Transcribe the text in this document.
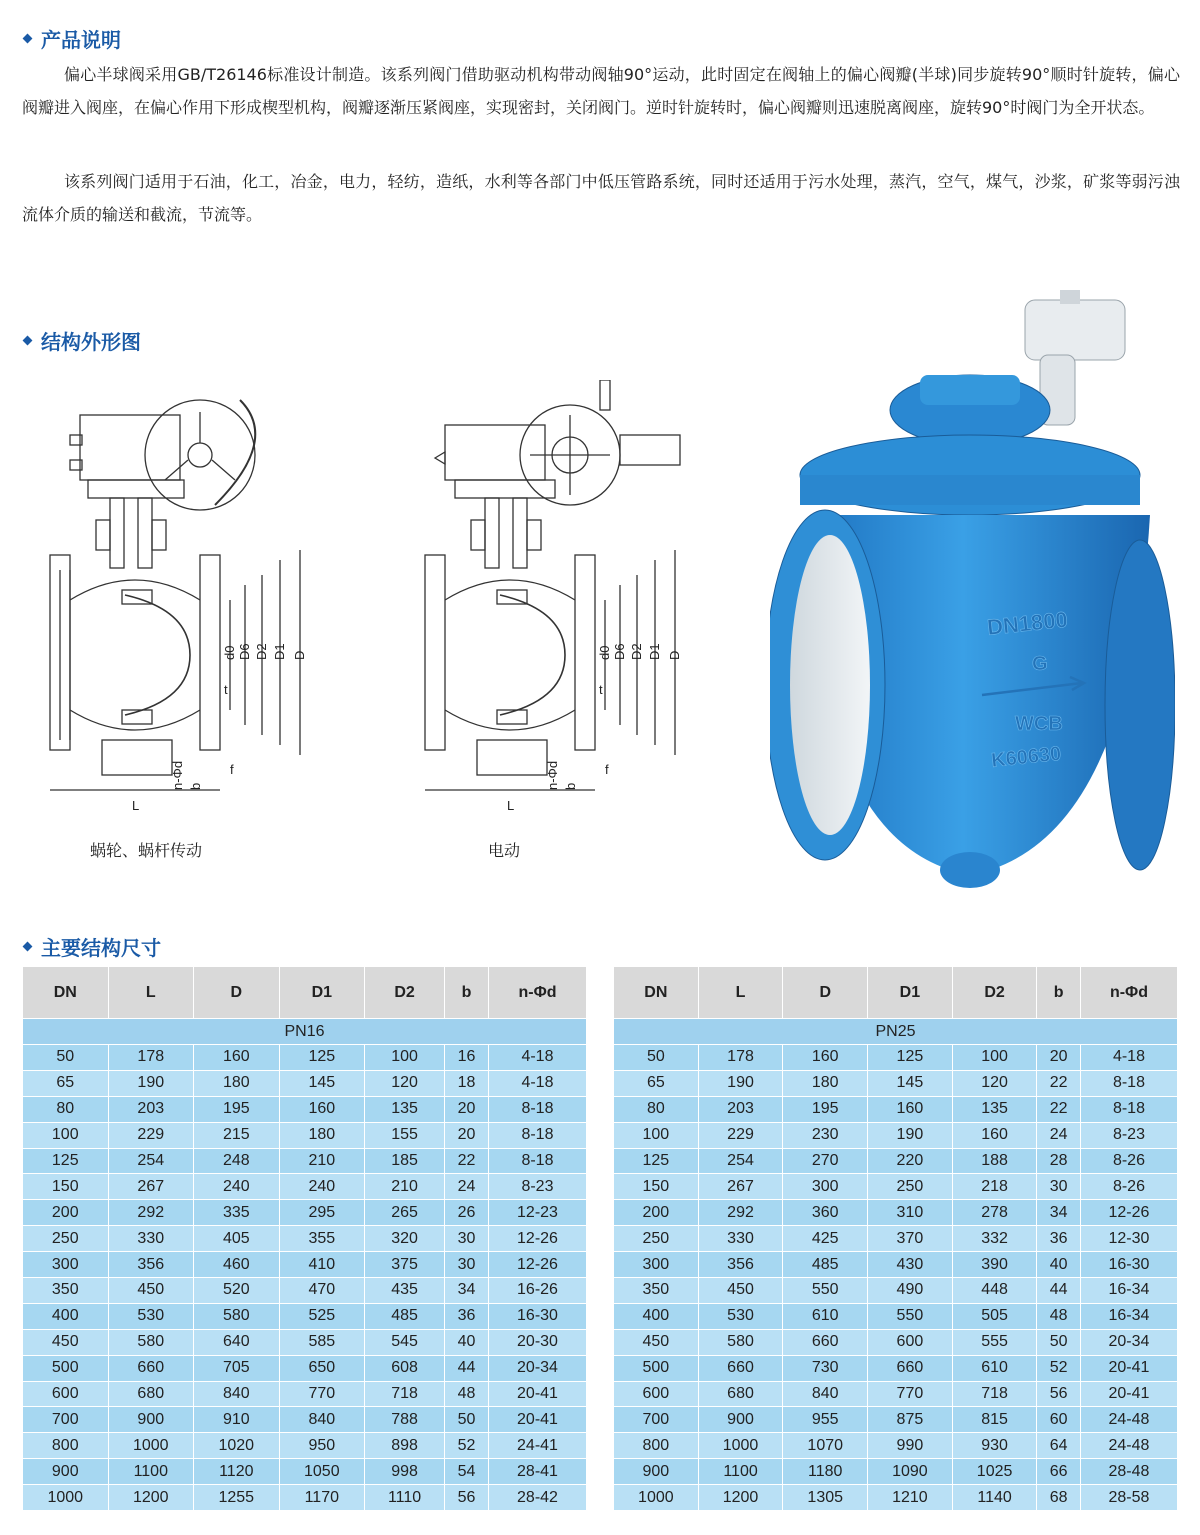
产品说明

偏心半球阀采用GB/T26146标准设计制造。该系列阀门借助驱动机构带动阀轴90°运动，此时固定在阀轴上的偏心阀瓣(半球)同步旋转90°顺时针旋转，偏心阀瓣进入阀座，在偏心作用下形成楔型机构，阀瓣逐渐压紧阀座，实现密封，关闭阀门。逆时针旋转时，偏心阀瓣则迅速脱离阀座，旋转90°时阀门为全开状态。

该系列阀门适用于石油，化工，冶金，电力，轻纺，造纸，水利等各部门中低压管路系统，同时还适用于污水处理，蒸汽，空气，煤气，沙浆，矿浆等弱污浊流体介质的输送和截流，节流等。

结构外形图
d0 D6 D2 D1 D
t
f
b
n-Φd
L
蜗轮、蜗杆传动
d0 D6 D2 D1 D
t
f
b
n-Φd
L
电动
DN1800
G
WCB
K60630
主要结构尺寸
DN	L	D	D1	D2	b	n-Φd
PN16						
50	178	160	125	100	16	4-18
65	190	180	145	120	18	4-18
80	203	195	160	135	20	8-18
100	229	215	180	155	20	8-18
125	254	248	210	185	22	8-18
150	267	240	240	210	24	8-23
200	292	335	295	265	26	12-23
250	330	405	355	320	30	12-26
300	356	460	410	375	30	12-26
350	450	520	470	435	34	16-26
400	530	580	525	485	36	16-30
450	580	640	585	545	40	20-30
500	660	705	650	608	44	20-34
600	680	840	770	718	48	20-41
700	900	910	840	788	50	20-41
800	1000	1020	950	898	52	24-41
900	1100	1120	1050	998	54	28-41
1000	1200	1255	1170	1110	56	28-42
DN	L	D	D1	D2	b	n-Φd
PN25						
50	178	160	125	100	20	4-18
65	190	180	145	120	22	8-18
80	203	195	160	135	22	8-18
100	229	230	190	160	24	8-23
125	254	270	220	188	28	8-26
150	267	300	250	218	30	8-26
200	292	360	310	278	34	12-26
250	330	425	370	332	36	12-30
300	356	485	430	390	40	16-30
350	450	550	490	448	44	16-34
400	530	610	550	505	48	16-34
450	580	660	600	555	50	20-34
500	660	730	660	610	52	20-41
600	680	840	770	718	56	20-41
700	900	955	875	815	60	24-48
800	1000	1070	990	930	64	24-48
900	1100	1180	1090	1025	66	28-48
1000	1200	1305	1210	1140	68	28-58
